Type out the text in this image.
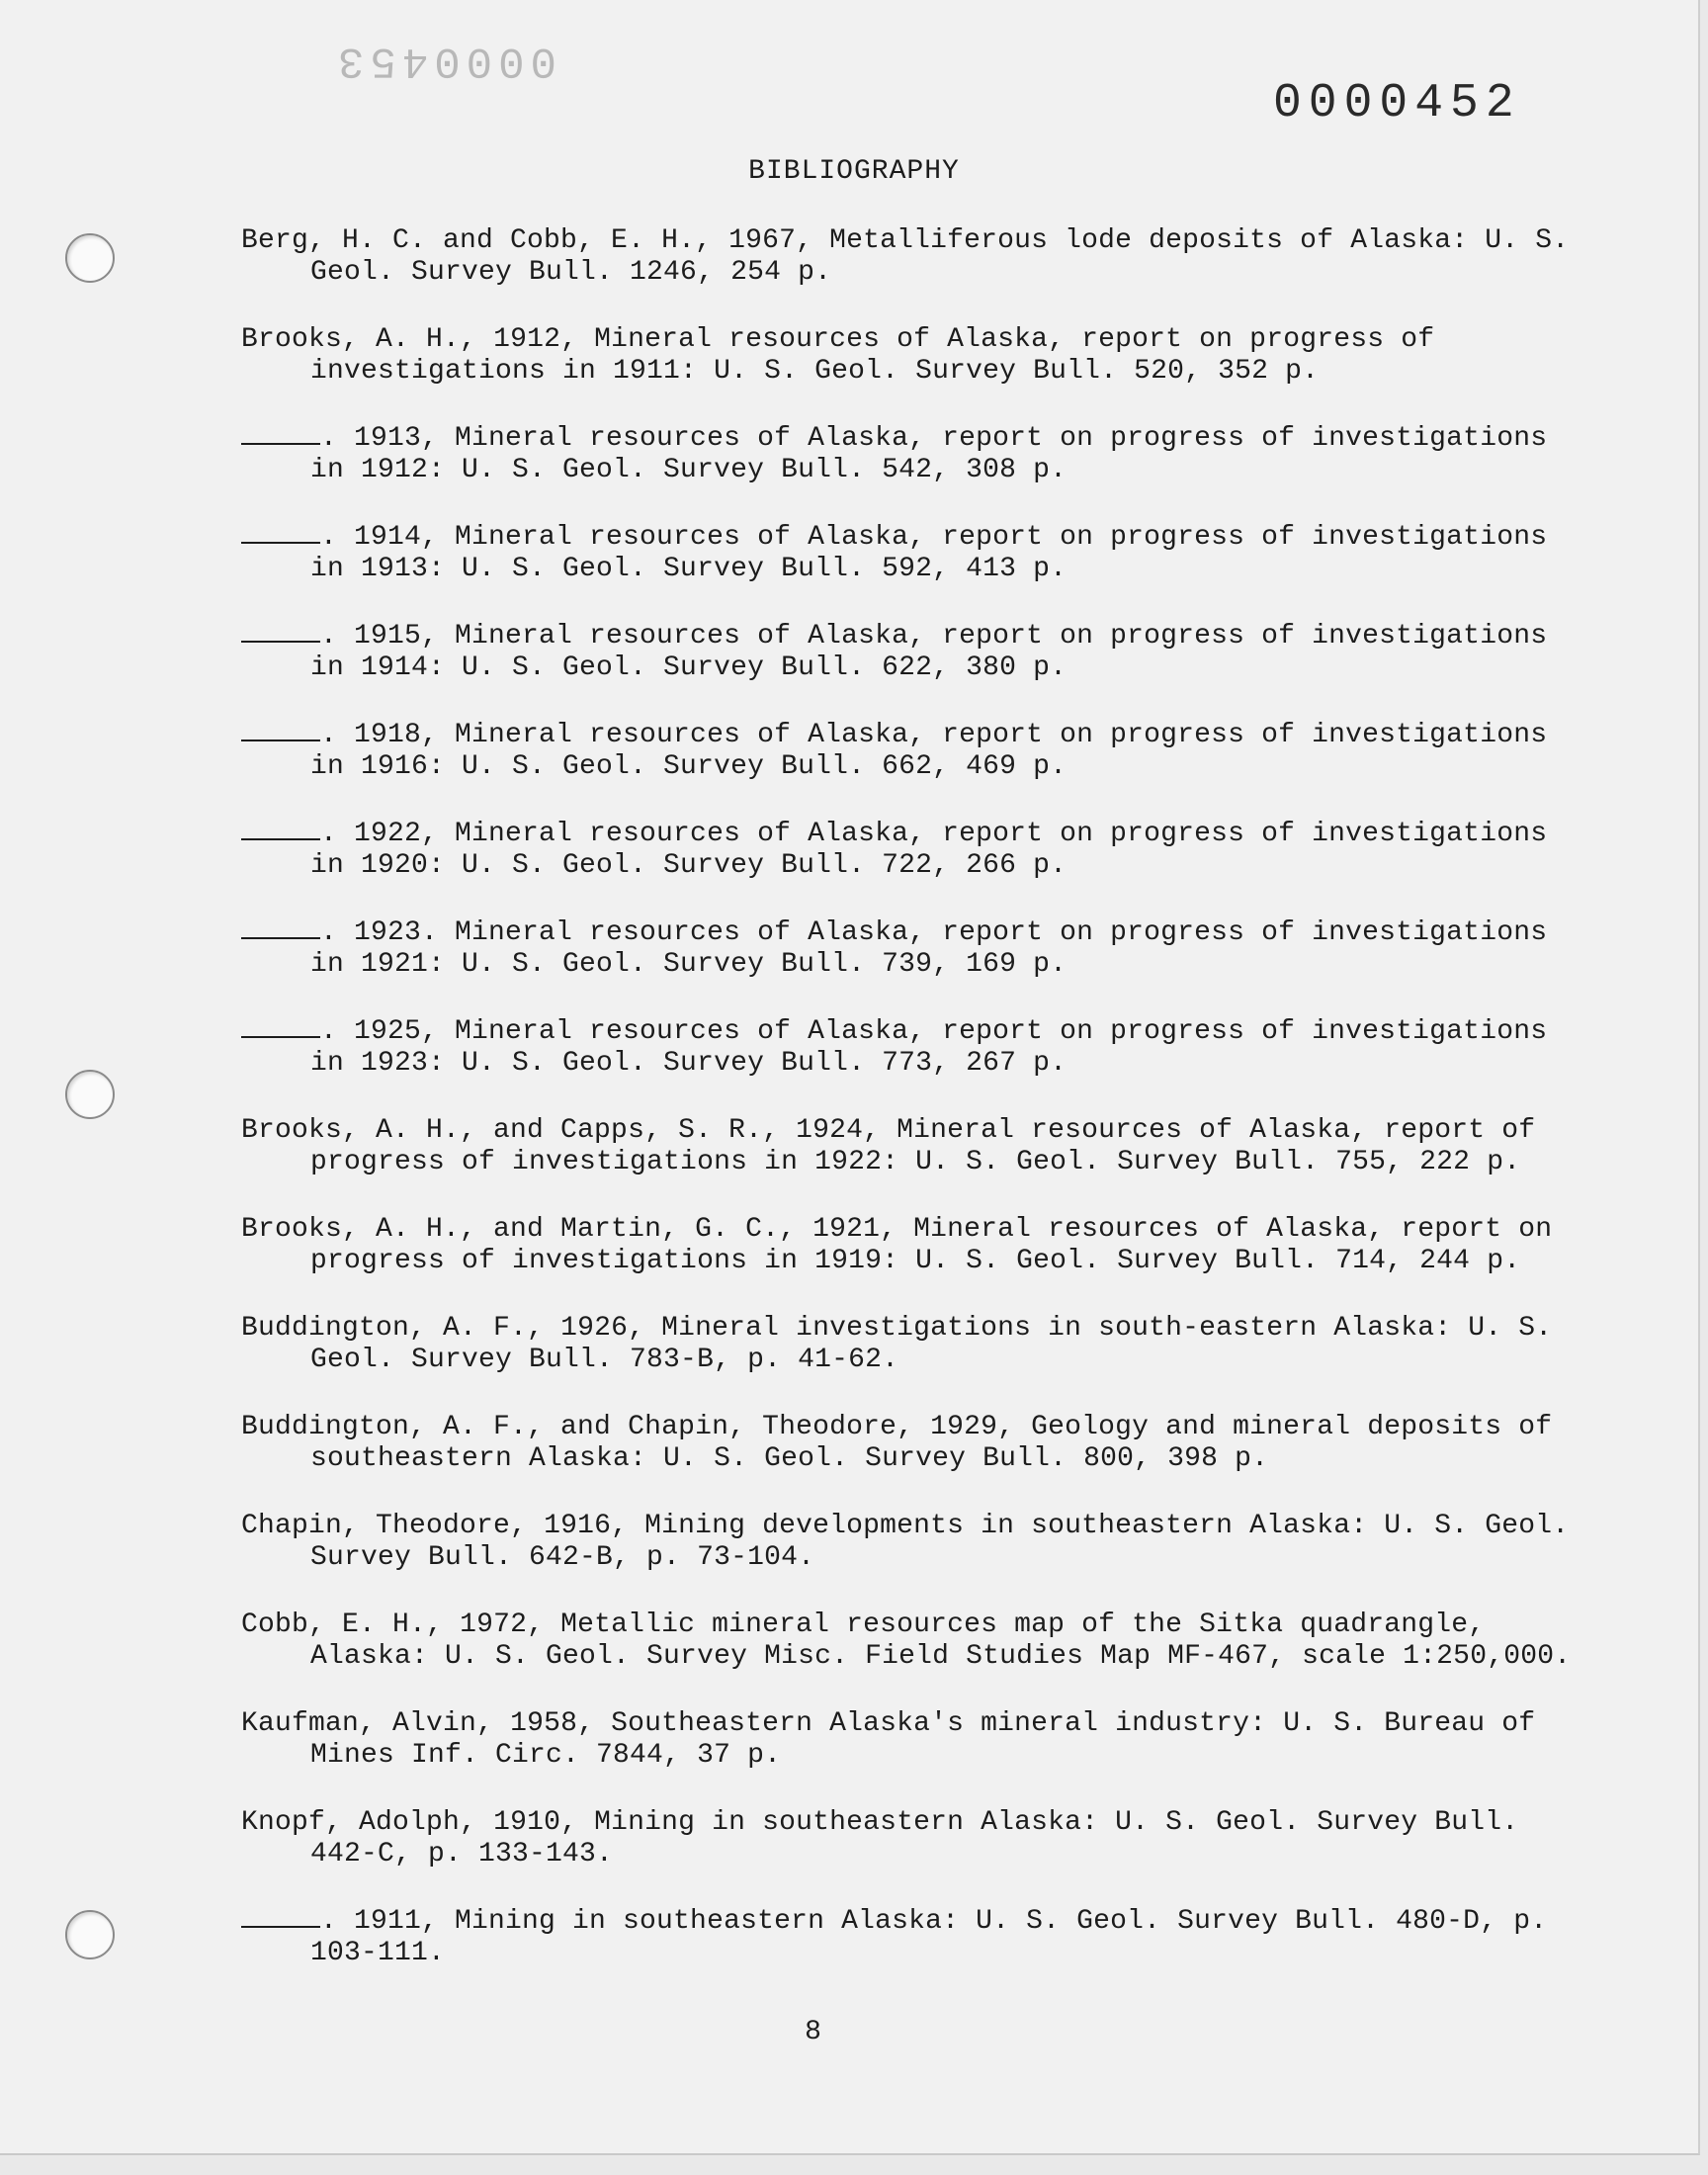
0000453
0000452
BIBLIOGRAPHY
Berg, H. C. and Cobb, E. H., 1967, Metalliferous lode deposits of Alaska: U. S. Geol. Survey Bull. 1246, 254 p.
Brooks, A. H., 1912, Mineral resources of Alaska, report on progress of investigations in 1911: U. S. Geol. Survey Bull. 520, 352 p.
. 1913, Mineral resources of Alaska, report on progress of investigations in 1912: U. S. Geol. Survey Bull. 542, 308 p.
. 1914, Mineral resources of Alaska, report on progress of investigations in 1913: U. S. Geol. Survey Bull. 592, 413 p.
. 1915, Mineral resources of Alaska, report on progress of investigations in 1914: U. S. Geol. Survey Bull. 622, 380 p.
. 1918, Mineral resources of Alaska, report on progress of investigations in 1916: U. S. Geol. Survey Bull. 662, 469 p.
. 1922, Mineral resources of Alaska, report on progress of investigations in 1920: U. S. Geol. Survey Bull. 722, 266 p.
. 1923. Mineral resources of Alaska, report on progress of investigations in 1921: U. S. Geol. Survey Bull. 739, 169 p.
. 1925, Mineral resources of Alaska, report on progress of investigations in 1923: U. S. Geol. Survey Bull. 773, 267 p.
Brooks, A. H., and Capps, S. R., 1924, Mineral resources of Alaska, report of progress of investigations in 1922: U. S. Geol. Survey Bull. 755, 222 p.
Brooks, A. H., and Martin, G. C., 1921, Mineral resources of Alaska, report on progress of investigations in 1919: U. S. Geol. Survey Bull. 714, 244 p.
Buddington, A. F., 1926, Mineral investigations in south-eastern Alaska: U. S. Geol. Survey Bull. 783-B, p. 41-62.
Buddington, A. F., and Chapin, Theodore, 1929, Geology and mineral deposits of southeastern Alaska: U. S. Geol. Survey Bull. 800, 398 p.
Chapin, Theodore, 1916, Mining developments in southeastern Alaska: U. S. Geol. Survey Bull. 642-B, p. 73-104.
Cobb, E. H., 1972, Metallic mineral resources map of the Sitka quadrangle, Alaska: U. S. Geol. Survey Misc. Field Studies Map MF-467, scale 1:250,000.
Kaufman, Alvin, 1958, Southeastern Alaska's mineral industry: U. S. Bureau of Mines Inf. Circ. 7844, 37 p.
Knopf, Adolph, 1910, Mining in southeastern Alaska: U. S. Geol. Survey Bull. 442-C, p. 133-143.
. 1911, Mining in southeastern Alaska: U. S. Geol. Survey Bull. 480-D, p. 103-111.
8
